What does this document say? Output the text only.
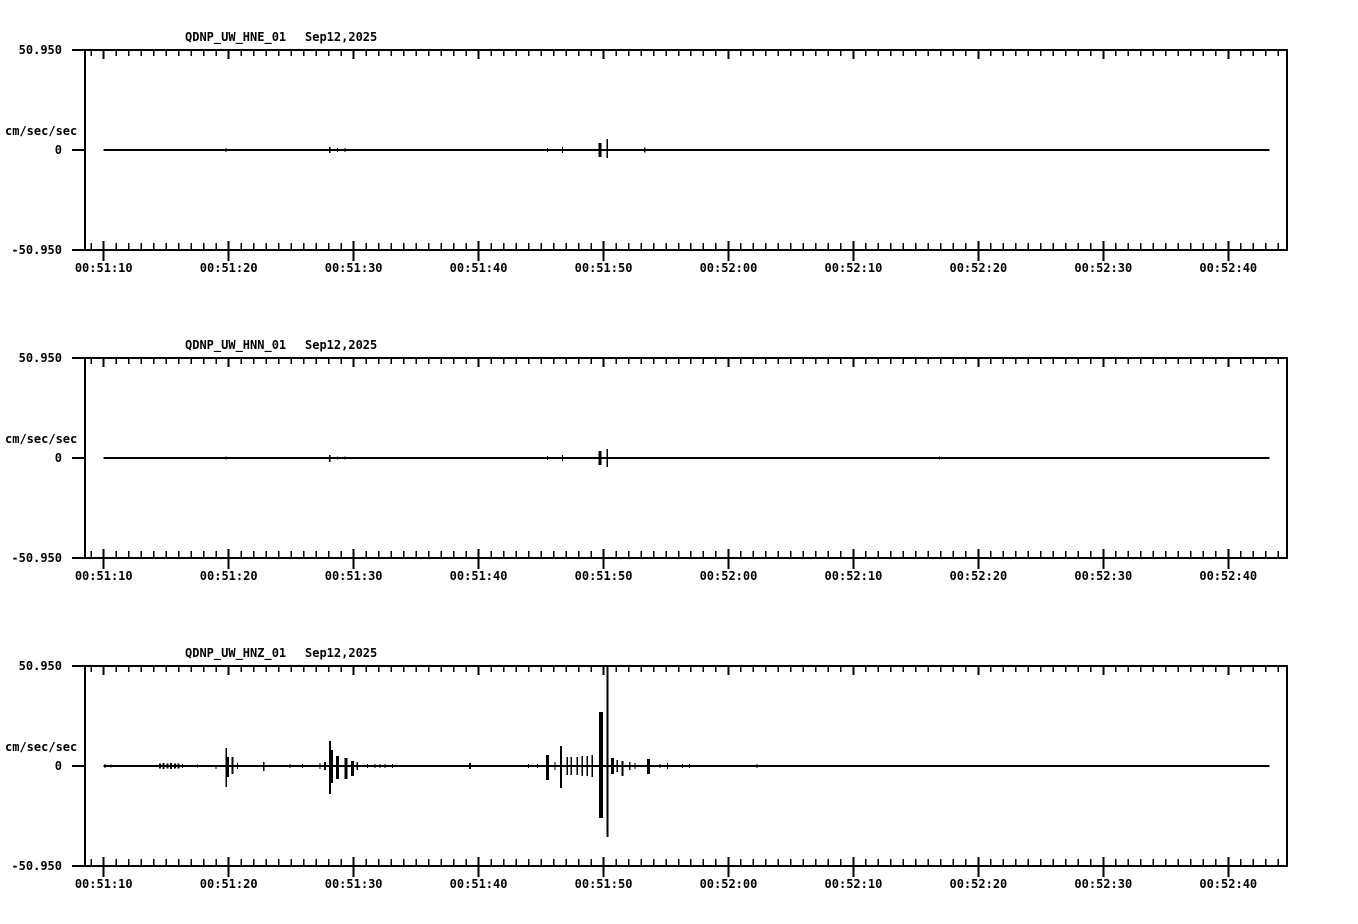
QDNP_UW_HNE_01 Sep12,2025
50.950
cm/sec/sec
0
-50.950
00:51:10	00:51:20	00:51:30	00:51:40	00:51:50	00:52:00	00:52:10	00:52:20	00:52:30	00:52:40
QDNP_UW_HNN_01 Sep12,2025
50.950
cm/sec/sec
0
-50.950
00:51:10	00:51:20	00:51:30	00:51:40	00:51:50	00:52:00	00:52:10	00:52:20	00:52:30	00:52:40
QDNP_UW_HNZ_01 Sep12,2025
50.950
cm/sec/sec
0
-50.950
00:51:10	00:51:20	00:51:30	00:51:40	00:51:50	00:52:00	00:52:10	00:52:20	00:52:30	00:52:40
